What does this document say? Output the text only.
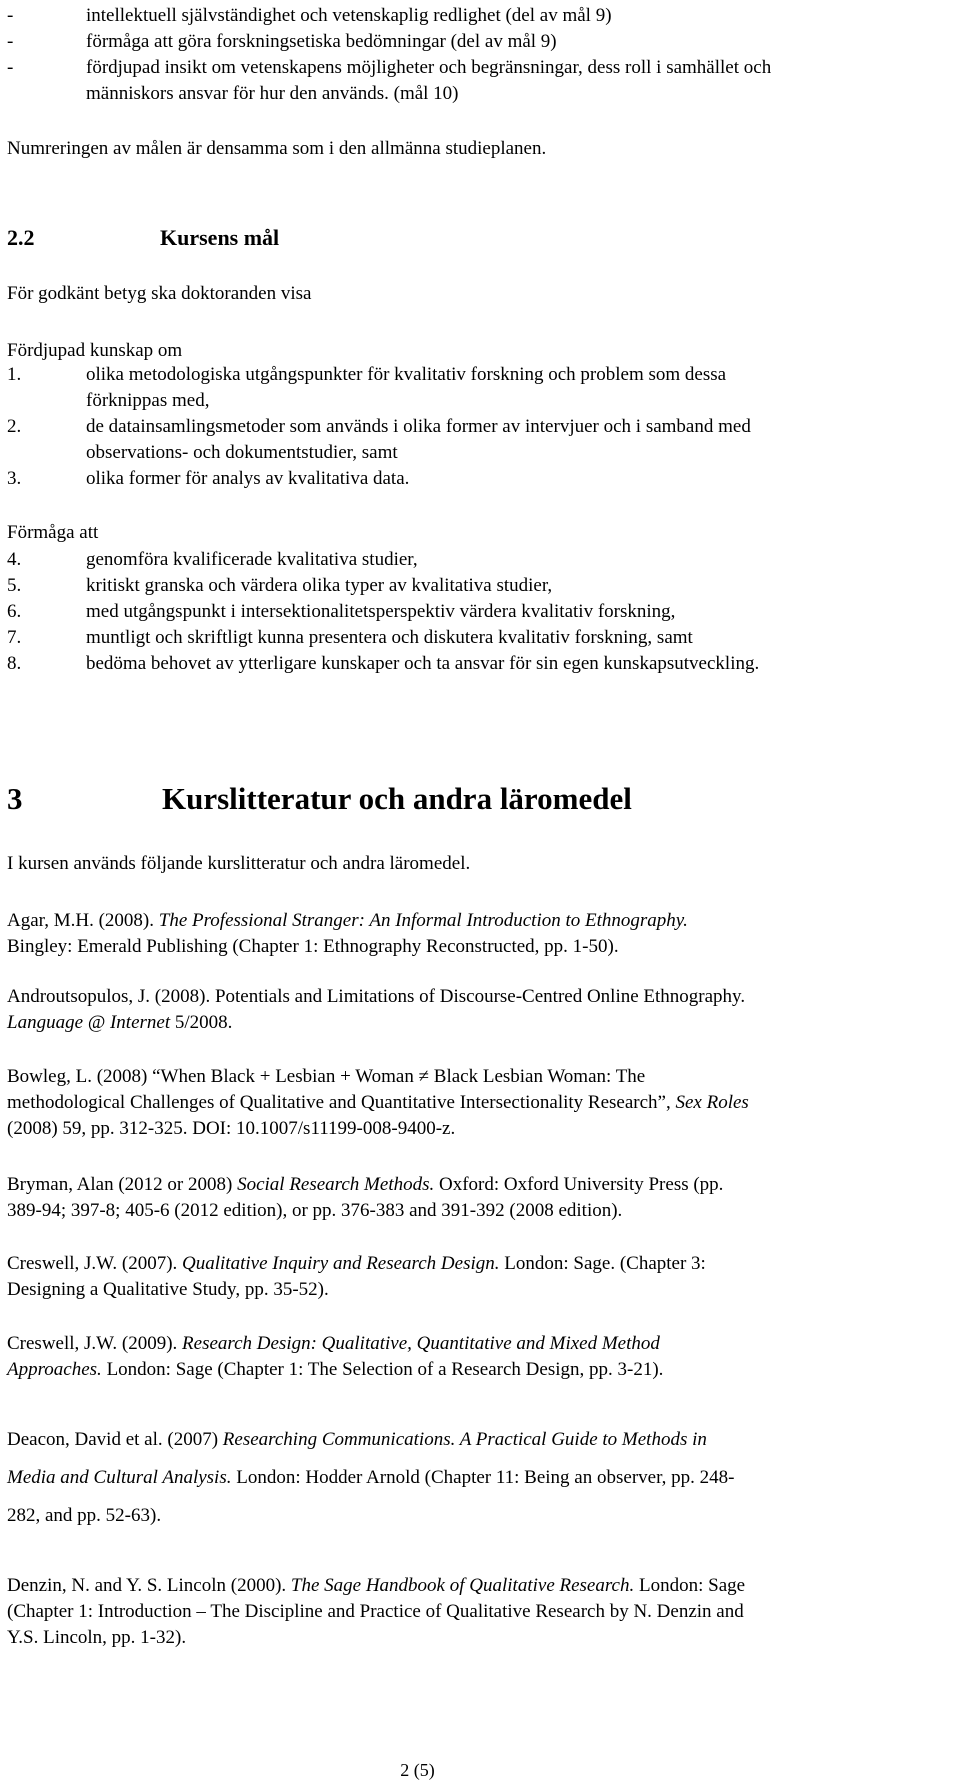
-	intellektuell självständighet och vetenskaplig redlighet (del av mål 9)
-	förmåga att göra forskningsetiska bedömningar (del av mål 9)
-	fördjupad insikt om vetenskapens möjligheter och begränsningar, dess roll i samhället och
människors ansvar för hur den används. (mål 10)
Numreringen av målen är densamma som i den allmänna studieplanen.
2.2	Kursens mål
För godkänt betyg ska doktoranden visa
Fördjupad kunskap om
1.	olika metodologiska utgångspunkter för kvalitativ forskning och problem som dessa
förknippas med,
2.	de datainsamlingsmetoder som används i olika former av intervjuer och i samband med
observations- och dokumentstudier, samt
3.	olika former för analys av kvalitativa data.
Förmåga att
4.	genomföra kvalificerade kvalitativa studier,
5.	kritiskt granska och värdera olika typer av kvalitativa studier,
6.	med utgångspunkt i intersektionalitetsperspektiv värdera kvalitativ forskning,
7.	muntligt och skriftligt kunna presentera och diskutera kvalitativ forskning, samt
8.	bedöma behovet av ytterligare kunskaper och ta ansvar för sin egen kunskapsutveckling.
3	Kurslitteratur och andra läromedel
I kursen används följande kurslitteratur och andra läromedel.
Agar, M.H. (2008). The Professional Stranger: An Informal Introduction to Ethnography.
Bingley: Emerald Publishing (Chapter 1: Ethnography Reconstructed, pp. 1-50).
Androutsopulos, J. (2008). Potentials and Limitations of Discourse-Centred Online Ethnography.
Language @ Internet 5/2008.
Bowleg, L. (2008) “When Black + Lesbian + Woman ≠ Black Lesbian Woman: The
methodological Challenges of Qualitative and Quantitative Intersectionality Research”, Sex Roles
(2008) 59, pp. 312-325. DOI: 10.1007/s11199-008-9400-z.
Bryman, Alan (2012 or 2008) Social Research Methods. Oxford: Oxford University Press (pp.
389-94; 397-8; 405-6 (2012 edition), or pp. 376-383 and 391-392 (2008 edition).
Creswell, J.W. (2007). Qualitative Inquiry and Research Design. London: Sage. (Chapter 3:
Designing a Qualitative Study, pp. 35-52).
Creswell, J.W. (2009). Research Design: Qualitative, Quantitative and Mixed Method
Approaches. London: Sage (Chapter 1: The Selection of a Research Design, pp. 3-21).
Deacon, David et al. (2007) Researching Communications. A Practical Guide to Methods in
Media and Cultural Analysis. London: Hodder Arnold (Chapter 11: Being an observer, pp. 248-
282, and pp. 52-63).
Denzin, N. and Y. S. Lincoln (2000). The Sage Handbook of Qualitative Research. London: Sage
(Chapter 1: Introduction – The Discipline and Practice of Qualitative Research by N. Denzin and
Y.S. Lincoln, pp. 1-32).
2 (5)
